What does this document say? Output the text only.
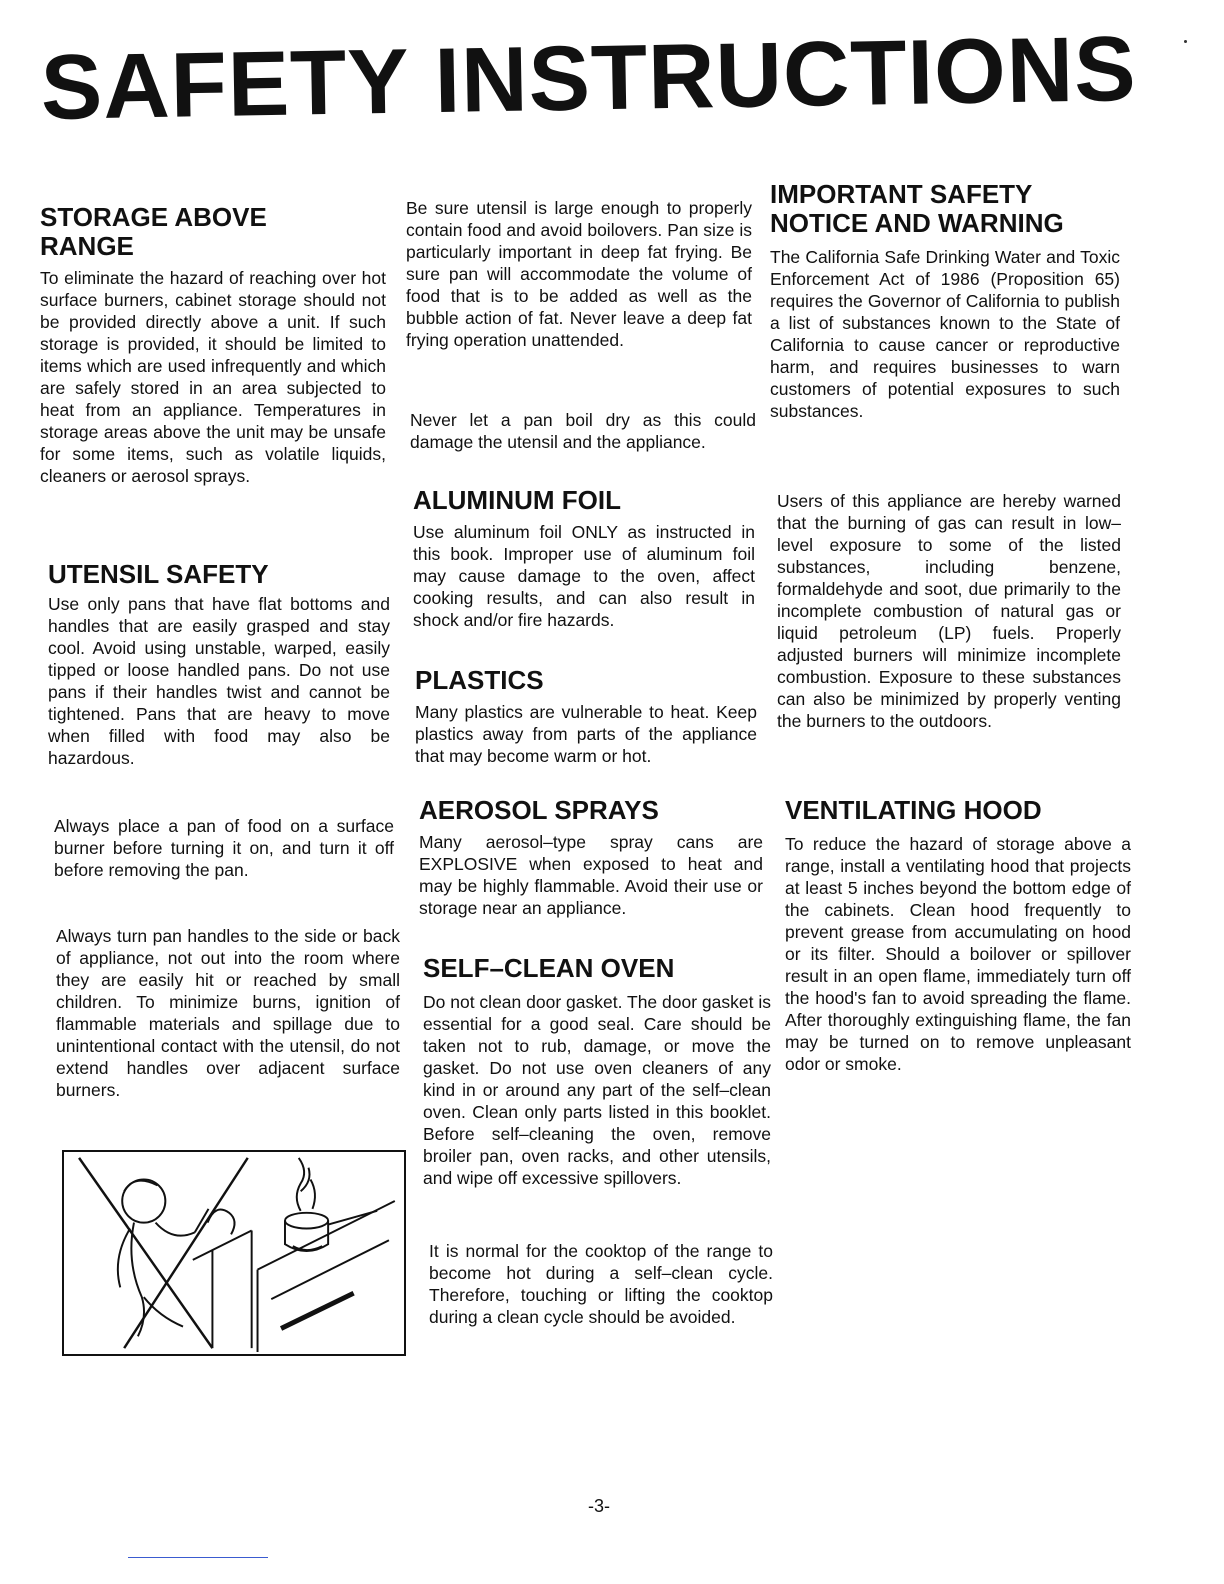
SAFETY INSTRUCTIONS
STORAGE ABOVE
RANGE

To eliminate the hazard of reaching over hot surface burners, cabinet storage should not be provided directly above a unit. If such storage is provided, it should be limited to items which are used infrequently and which are safely stored in an area subjected to heat from an appliance. Temperatures in storage areas above the unit may be unsafe for some items, such as volatile liquids, cleaners or aerosol sprays.

UTENSIL SAFETY

Use only pans that have flat bottoms and handles that are easily grasped and stay cool. Avoid using unstable, warped, easily tipped or loose handled pans. Do not use pans if their handles twist and cannot be tightened. Pans that are heavy to move when filled with food may also be hazardous.

Always place a pan of food on a surface burner before turning it on, and turn it off before removing the pan.

Always turn pan handles to the side or back of appliance, not out into the room where they are easily hit or reached by small children. To minimize burns, ignition of flammable materials and spillage due to unintentional contact with the utensil, do not extend handles over adjacent surface burners.

Be sure utensil is large enough to properly contain food and avoid boilovers. Pan size is particularly important in deep fat frying. Be sure pan will accommodate the volume of food that is to be added as well as the bubble action of fat. Never leave a deep fat frying operation unattended.

Never let a pan boil dry as this could damage the utensil and the appliance.

ALUMINUM FOIL

Use aluminum foil ONLY as instructed in this book. Improper use of aluminum foil may cause damage to the oven, affect cooking results, and can also result in shock and/or fire hazards.

PLASTICS

Many plastics are vulnerable to heat. Keep plastics away from parts of the appliance that may become warm or hot.

AEROSOL SPRAYS

Many aerosol–type spray cans are EXPLOSIVE when exposed to heat and may be highly flammable. Avoid their use or storage near an appliance.

SELF–CLEAN OVEN

Do not clean door gasket. The door gasket is essential for a good seal. Care should be taken not to rub, damage, or move the gasket. Do not use oven cleaners of any kind in or around any part of the self–clean oven. Clean only parts listed in this booklet. Before self–cleaning the oven, remove broiler pan, oven racks, and other utensils, and wipe off excessive spillovers.

It is normal for the cooktop of the range to become hot during a self–clean cycle. Therefore, touching or lifting the cooktop during a clean cycle should be avoided.

IMPORTANT SAFETY
NOTICE AND WARNING

The California Safe Drinking Water and Toxic Enforcement Act of 1986 (Proposition 65) requires the Governor of California to publish a list of substances known to the State of California to cause cancer or reproductive harm, and requires businesses to warn customers of potential exposures to such substances.

Users of this appliance are hereby warned that the burning of gas can result in low–level exposure to some of the listed substances, including benzene, formaldehyde and soot, due primarily to the incomplete combustion of natural gas or liquid petroleum (LP) fuels. Properly adjusted burners will minimize incomplete combustion. Exposure to these substances can also be minimized by properly venting the burners to the outdoors.

VENTILATING HOOD

To reduce the hazard of storage above a range, install a ventilating hood that projects at least 5 inches beyond the bottom edge of the cabinets. Clean hood frequently to prevent grease from accumulating on hood or its filter. Should a boilover or spillover result in an open flame, immediately turn off the hood's fan to avoid spreading the flame. After thoroughly extinguishing flame, the fan may be turned on to remove unpleasant odor or smoke.

-3-
